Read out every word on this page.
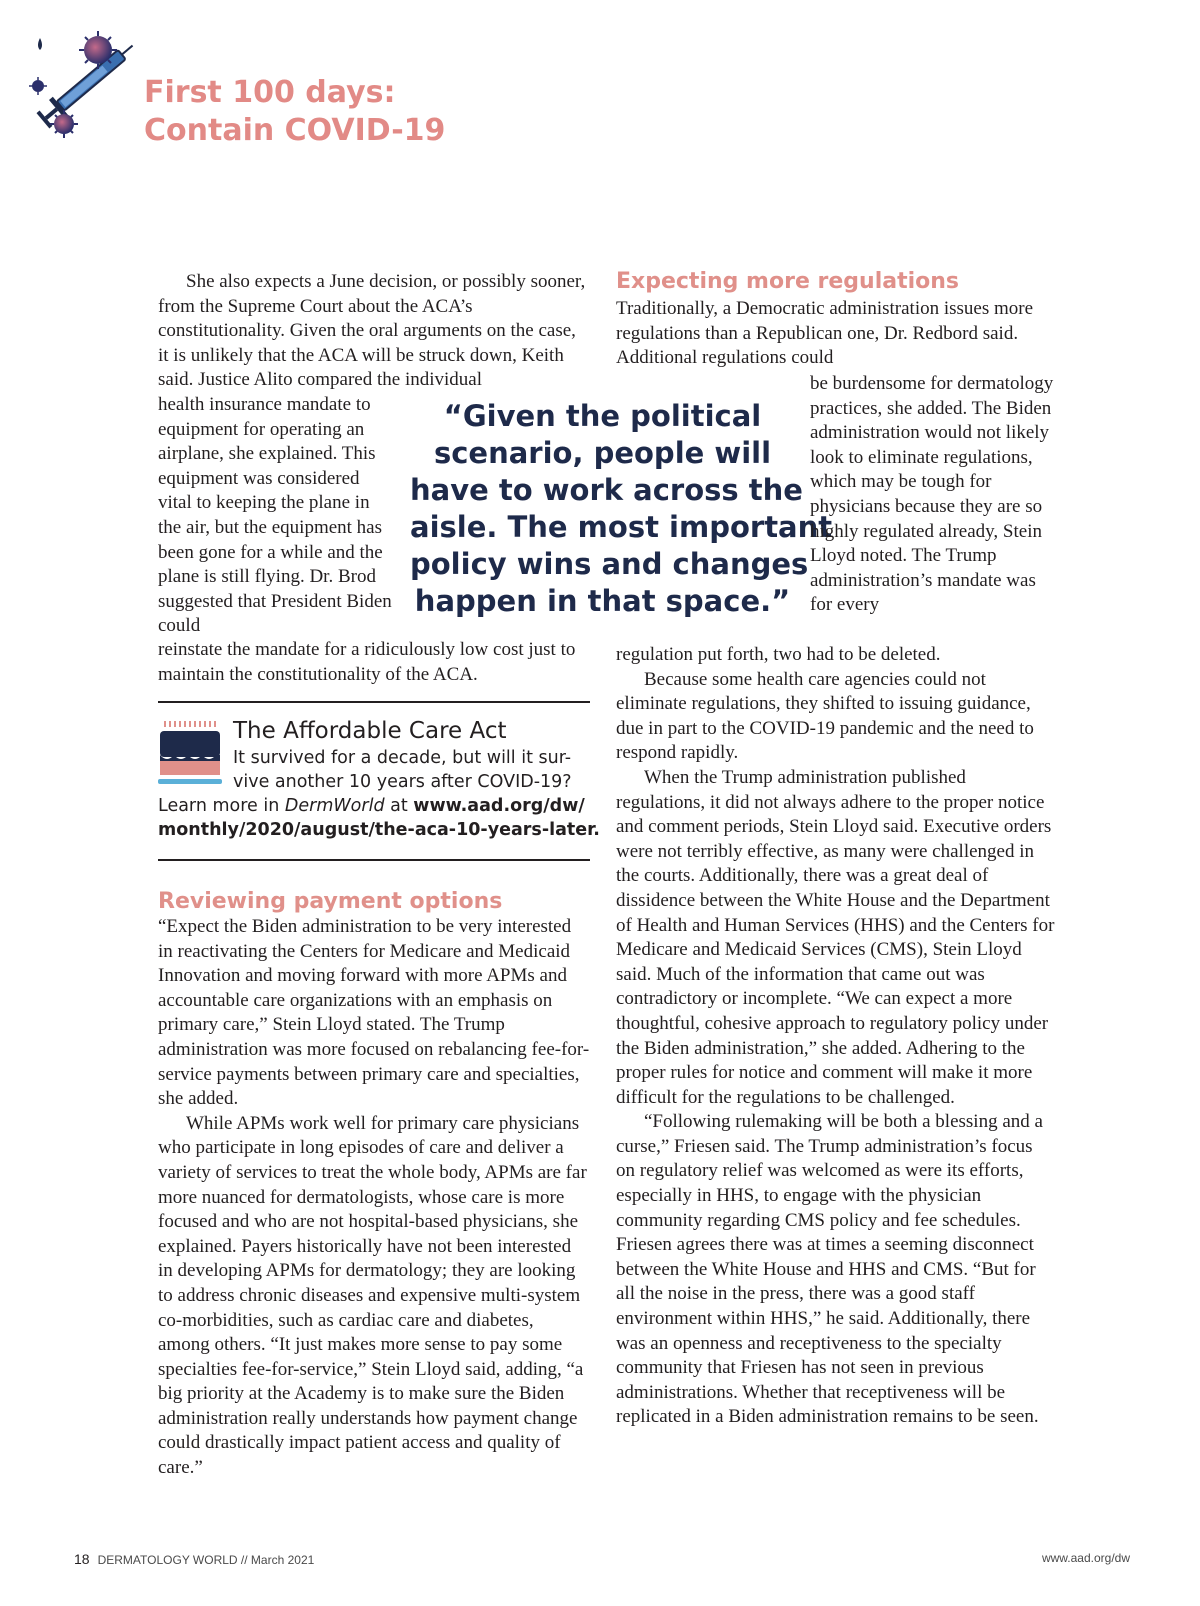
First 100 days:
Contain COVID-19

She also expects a June decision, or possibly sooner, from the Supreme Court about the ACA’s constitutionality. Given the oral arguments on the case, it is unlikely that the ACA will be struck down, Keith said. Justice Alito compared the individual

health insurance mandate to equipment for operating an airplane, she explained. This equipment was considered vital to keeping the plane in the air, but the equipment has been gone for a while and the plane is still flying. Dr. Brod suggested that President Biden could

reinstate the mandate for a ridiculously low cost just to maintain the constitutionality of the ACA.

“Given the political
scenario, people will
have to work across the
aisle. The most important
policy wins and changes
happen in that space.”
The Affordable Care Act
It survived for a decade, but will it sur-
vive another 10 years after COVID-19?
Learn more in DermWorld at www.aad.org/dw/
monthly/2020/august/the-aca-10-years-later.
Reviewing payment options

“Expect the Biden administration to be very interested in reactivating the Centers for Medicare and Medicaid Innovation and moving forward with more APMs and accountable care organizations with an emphasis on primary care,” Stein Lloyd stated. The Trump administration was more focused on rebalancing fee-for-service payments between primary care and specialties, she added.

While APMs work well for primary care physicians who participate in long episodes of care and deliver a variety of services to treat the whole body, APMs are far more nuanced for dermatologists, whose care is more focused and who are not hospital-based physicians, she explained. Payers historically have not been interested in developing APMs for dermatology; they are looking to address chronic diseases and expensive multi-system co-morbidities, such as cardiac care and diabetes, among others. “It just makes more sense to pay some specialties fee-for-service,” Stein Lloyd said, adding, “a big priority at the Academy is to make sure the Biden administration really understands how payment change could drastically impact patient access and quality of care.”

Expecting more regulations

Traditionally, a Democratic administration issues more regulations than a Republican one, Dr. Redbord said. Additional regulations could

be burdensome for dermatology practices, she added. The Biden administration would not likely look to eliminate regulations, which may be tough for physicians because they are so highly regulated already, Stein Lloyd noted. The Trump administration’s mandate was for every

regulation put forth, two had to be deleted.

Because some health care agencies could not eliminate regulations, they shifted to issuing guidance, due in part to the COVID-19 pandemic and the need to respond rapidly.

When the Trump administration published regulations, it did not always adhere to the proper notice and comment periods, Stein Lloyd said. Executive orders were not terribly effective, as many were challenged in the courts. Additionally, there was a great deal of dissidence between the White House and the Department of Health and Human Services (HHS) and the Centers for Medicare and Medicaid Services (CMS), Stein Lloyd said. Much of the information that came out was contradictory or incomplete. “We can expect a more thoughtful, cohesive approach to regulatory policy under the Biden administration,” she added. Adhering to the proper rules for notice and comment will make it more difficult for the regulations to be challenged.

“Following rulemaking will be both a blessing and a curse,” Friesen said. The Trump administration’s focus on regulatory relief was welcomed as were its efforts, especially in HHS, to engage with the physician community regarding CMS policy and fee schedules. Friesen agrees there was at times a seeming disconnect between the White House and HHS and CMS. “But for all the noise in the press, there was a good staff environment within HHS,” he said. Additionally, there was an openness and receptiveness to the specialty community that Friesen has not seen in previous administrations. Whether that receptiveness will be replicated in a Biden administration remains to be seen.

18 DERMATOLOGY WORLD // March 2021	www.aad.org/dw
